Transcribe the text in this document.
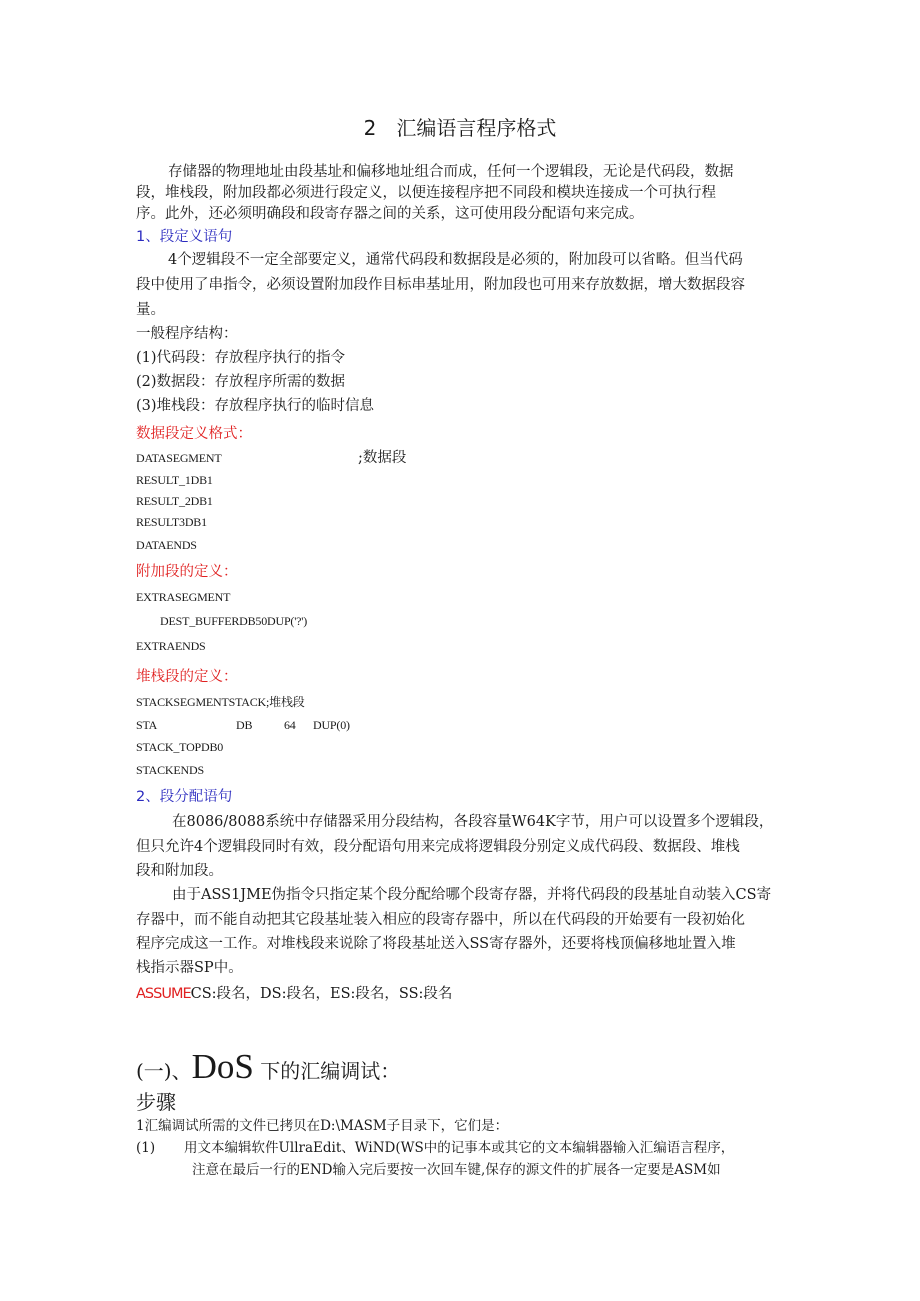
2 汇编语言程序格式
存储器的物理地址由段基址和偏移地址组合而成，任何一个逻辑段，无论是代码段，数据
段，堆栈段，附加段都必须进行段定义，以便连接程序把不同段和模块连接成一个可执行程
序。此外，还必须明确段和段寄存器之间的关系，这可使用段分配语句来完成。
1、段定义语句
4个逻辑段不一定全部要定义，通常代码段和数据段是必须的，附加段可以省略。但当代码
段中使用了串指令，必须设置附加段作目标串基址用，附加段也可用来存放数据，增大数据段容
量。
一般程序结构：
(1)代码段：存放程序执行的指令
(2)数据段：存放程序所需的数据
(3)堆栈段：存放程序执行的临时信息
数据段定义格式：
DATASEGMENT	;数据段
RESULT_1DB1
RESULT_2DB1
RESULT3DB1
DATAENDS
附加段的定义：
EXTRASEGMENT
DEST_BUFFERDB50DUP('?')
EXTRAENDS
堆栈段的定义：
STACKSEGMENTSTACK;堆栈段
STA	DB	64 DUP(0)
STACK_TOPDB0
STACKENDS
2、段分配语句
在8086/8088系统中存储器采用分段结构，各段容量W64K字节，用户可以设置多个逻辑段，
但只允许4个逻辑段同时有效，段分配语句用来完成将逻辑段分别定义成代码段、数据段、堆栈
段和附加段。
由于ASS1JME伪指令只指定某个段分配给哪个段寄存器，并将代码段的段基址自动装入CS寄
存器中，而不能自动把其它段基址装入相应的段寄存器中，所以在代码段的开始要有一段初始化
程序完成这一工作。对堆栈段来说除了将段基址送入SS寄存器外，还要将栈顶偏移地址置入堆
栈指示器SP中。
ASSUMECS:段名，DS:段名，ES:段名，SS:段名
(一)、DoS 下的汇编调试：
步骤
1汇编调试所需的文件已拷贝在D:\MASM子目录下，它们是：
(1) 用文本编辑软件UllraEdit、WiND(WS中的记事本或其它的文本编辑器输入汇编语言程序，
注意在最后一行的END输入完后要按一次回车键,保存的源文件的扩展各一定要是ASM如
